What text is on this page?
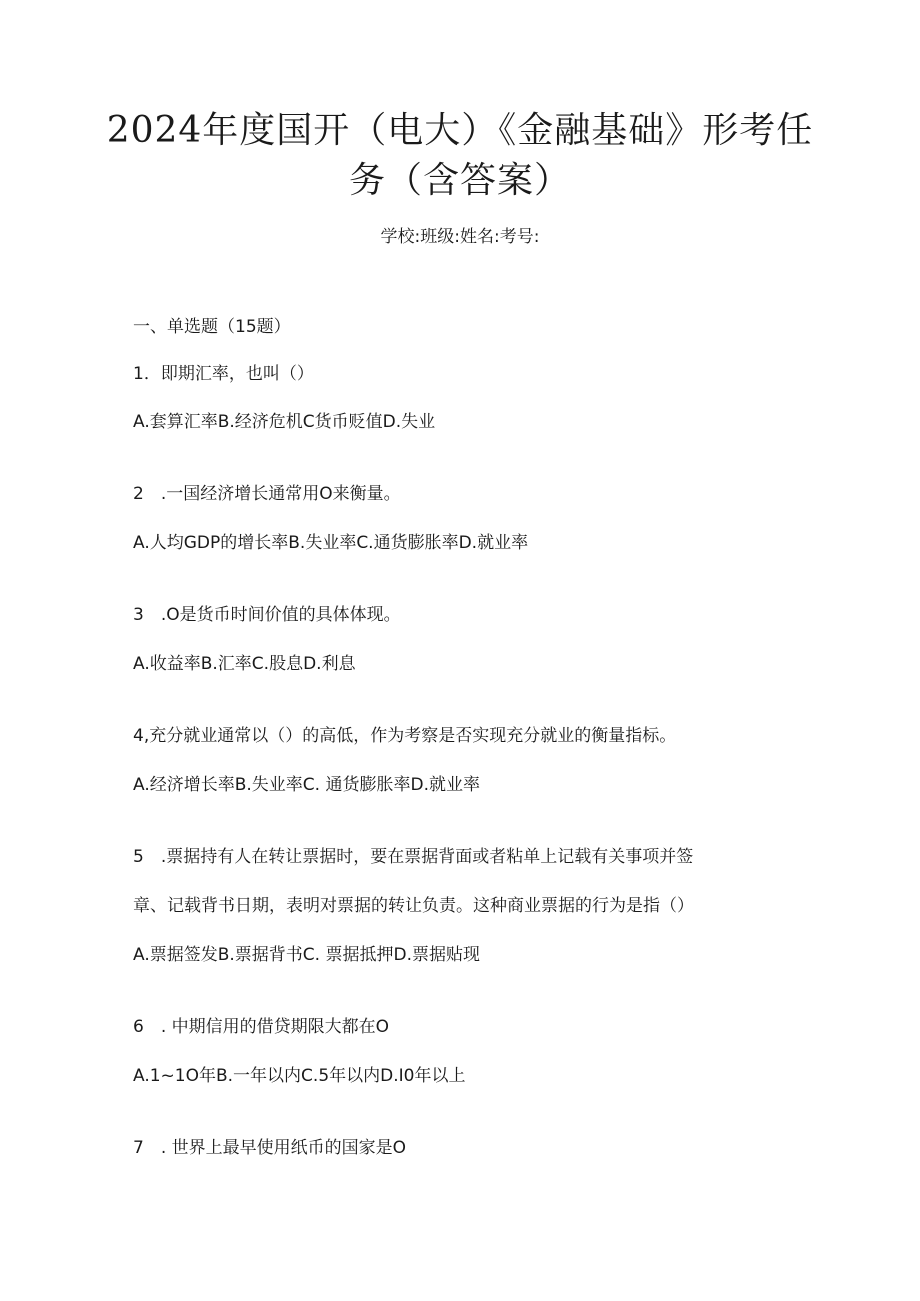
2024年度国开（电大）《金融基础》形考任
务（含答案）
学校:班级:姓名:考号:
一、单选题（15题）
1．即期汇率，也叫（）
A.套算汇率B.经济危机C货币贬值D.失业
2　.一国经济增长通常用O来衡量。
A.人均GDP的增长率B.失业率C.通货膨胀率D.就业率
3　.O是货币时间价值的具体体现。
A.收益率B.汇率C.股息D.利息
4,充分就业通常以（）的高低，作为考察是否实现充分就业的衡量指标。
A.经济增长率B.失业率C. 通货膨胀率D.就业率
5　.票据持有人在转让票据时，要在票据背面或者粘单上记载有关事项并签
章、记载背书日期，表明对票据的转让负责。这种商业票据的行为是指（）
A.票据签发B.票据背书C. 票据抵押D.票据贴现
6　. 中期信用的借贷期限大都在O
A.1~1O年B.一年以内C.5年以内D.I0年以上
7　. 世界上最早使用纸币的国家是O
